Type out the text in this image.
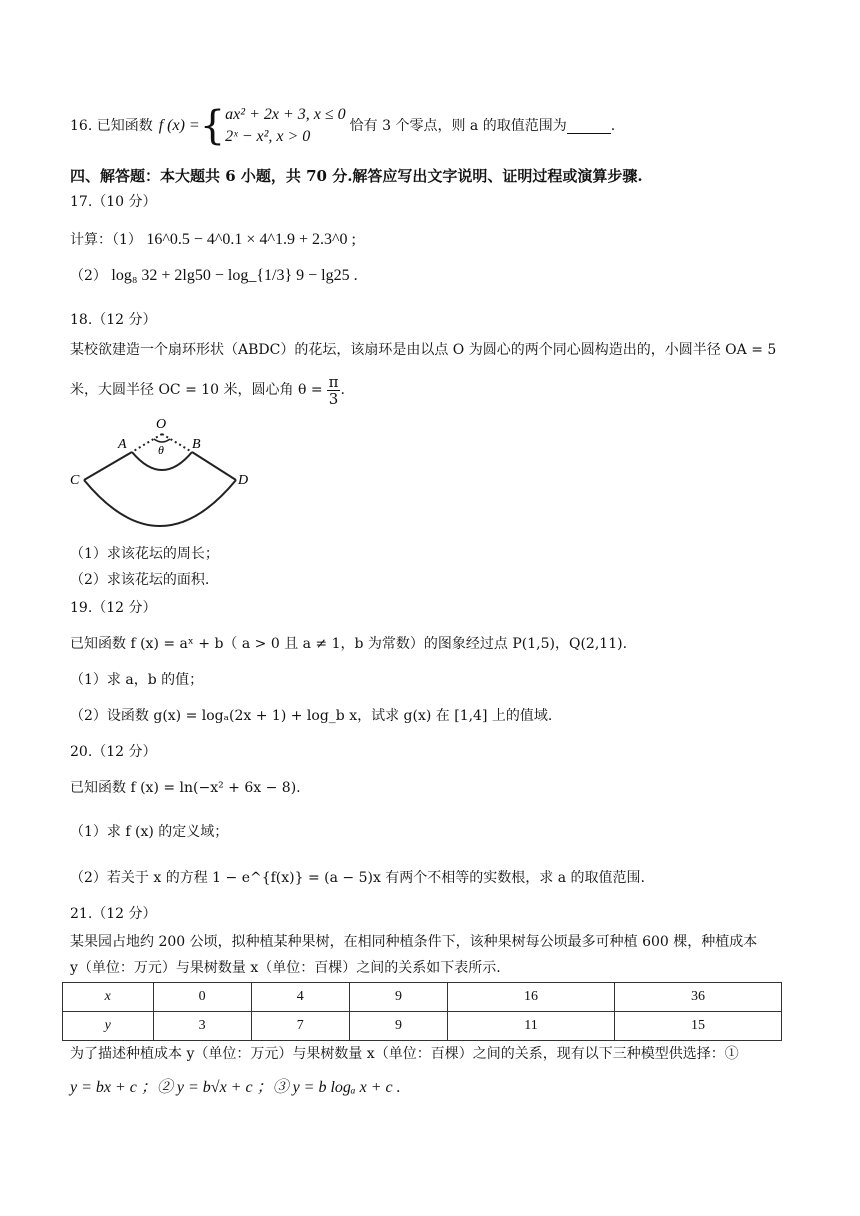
16. 已知函数 f (x) = { ax² + 2x + 3, x ≤ 0
2ˣ − x², x > 0
恰有 3 个零点，则 a 的取值范围为	.
四、解答题：本大题共 6 小题，共 70 分.解答应写出文字说明、证明过程或演算步骤.
17.（10 分）
计算：（1） 16^0.5 − 4^0.1 × 4^1.9 + 2.3^0 ;
（2） log₈ 32 + 2lg50 − log_{1/3} 9 − lg25 .
18.（12 分）
某校欲建造一个扇环形状（ABDC）的花坛，该扇环是由以点 O 为圆心的两个同心圆构造出的，小圆半径 OA = 5
米，大圆半径 OC = 10 米，圆心角 $\theta = \frac{\pi}{3}$ .
O
θ
A	B
C	D
（1）求该花坛的周长；
（2）求该花坛的面积.
19.（12 分）
已知函数 f (x) = aˣ + b（ a > 0 且 a ≠ 1，b 为常数）的图象经过点 P(1,5)，Q(2,11).
（1）求 a，b 的值；
（2）设函数 g(x) = logₐ(2x + 1) + log_b x，试求 g(x) 在 [1,4] 上的值域.
20.（12 分）
已知函数 f (x) = ln(−x² + 6x − 8).
（1）求 f (x) 的定义域；
（2）若关于 x 的方程 1 − e^{f(x)} = (a − 5)x 有两个不相等的实数根，求 a 的取值范围.
21.（12 分）
某果园占地约 200 公顷，拟种植某种果树，在相同种植条件下，该种果树每公顷最多可种植 600 棵，种植成本
y（单位：万元）与果树数量 x（单位：百棵）之间的关系如下表所示.
x	0	4	9	16	36
y	3	7	9	11	15
为了描述种植成本 y（单位：万元）与果树数量 x（单位：百棵）之间的关系，现有以下三种模型供选择：①
y = bx + c ；② y = b√x + c ；③ y = b logₐ x + c .
